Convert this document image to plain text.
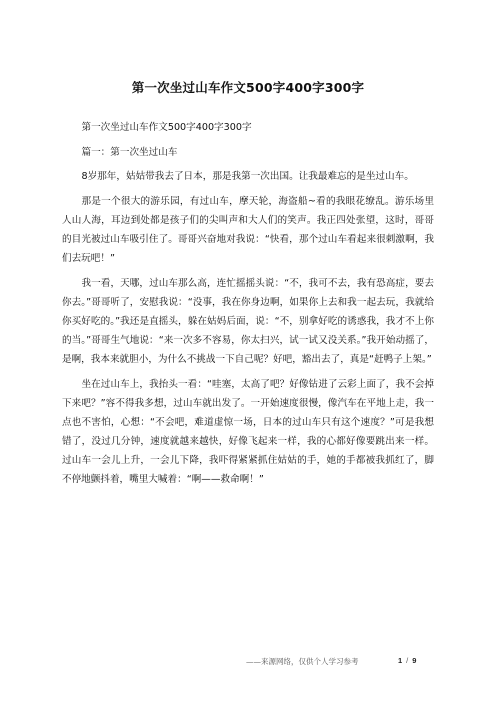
第一次坐过山车作文500字400字300字

第一次坐过山车作文500字400字300字

篇一：第一次坐过山车

8岁那年，姑姑带我去了日本，那是我第一次出国。让我最难忘的是坐过山车。

那是一个很大的游乐园，有过山车，摩天轮，海盗船~看的我眼花缭乱。游乐场里人山人海，耳边到处都是孩子们的尖叫声和大人们的笑声。我正四处张望，这时，哥哥的目光被过山车吸引住了。哥哥兴奋地对我说：“快看，那个过山车看起来很刺激啊，我们去玩吧！”

我一看，天哪，过山车那么高，连忙摇摇头说：“不，我可不去，我有恐高症，要去你去。”哥哥听了，安慰我说：“没事，我在你身边啊，如果你上去和我一起去玩，我就给你买好吃的。”我还是直摇头，躲在姑妈后面，说：“不，别拿好吃的诱惑我，我才不上你的当。”哥哥生气地说：“来一次多不容易，你太扫兴，试一试又没关系。”我开始动摇了，是啊，我本来就胆小，为什么不挑战一下自己呢？好吧，豁出去了，真是“赶鸭子上架。”

坐在过山车上，我抬头一看：“哇塞，太高了吧？好像钻进了云彩上面了，我不会掉下来吧？”容不得我多想，过山车就出发了。一开始速度很慢，像汽车在平地上走，我一点也不害怕，心想：“不会吧，难道虚惊一场，日本的过山车只有这个速度？”可是我想错了，没过几分钟，速度就越来越快，好像飞起来一样，我的心都好像要跳出来一样。过山车一会儿上升，一会儿下降，我吓得紧紧抓住姑姑的手，她的手都被我抓红了，脚不停地颤抖着，嘴里大喊着：“啊——救命啊！”

——来源网络，仅供个人学习参考	1 / 9
